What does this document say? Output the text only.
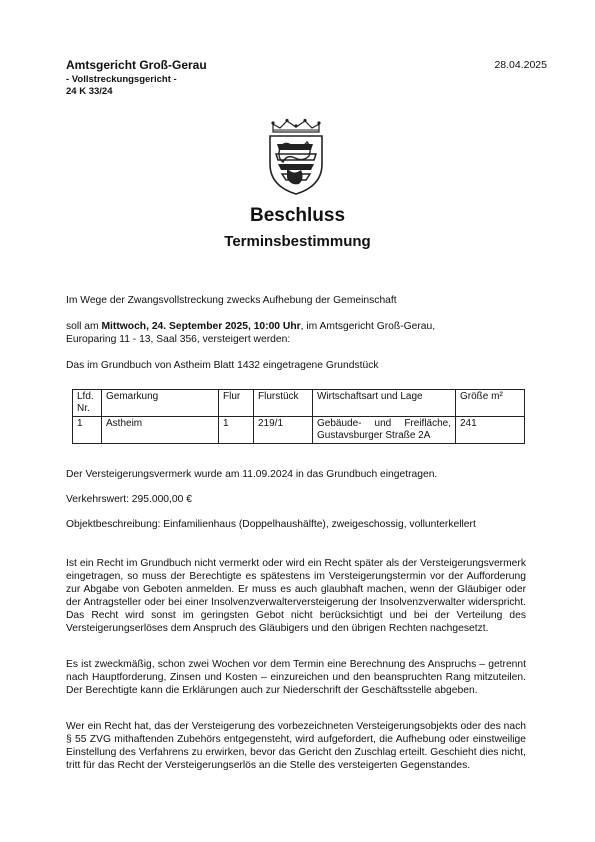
Amtsgericht Groß-Gerau
- Vollstreckungsgericht -
24 K 33/24
28.04.2025
Beschluss
Terminsbestimmung
Im Wege der Zwangsvollstreckung zwecks Aufhebung der Gemeinschaft
soll am Mittwoch, 24. September 2025, 10:00 Uhr, im Amtsgericht Groß-Gerau,
Europaring 11 - 13, Saal 356, versteigert werden:
Das im Grundbuch von Astheim Blatt 1432 eingetragene Grundstück
Lfd. Nr.	Gemarkung	Flur	Flurstück	Wirtschaftsart und Lage	Größe m²
1	Astheim	1	219/1	Gebäude- und Freifläche, Gustavsburger Straße 2A	241
Der Versteigerungsvermerk wurde am 11.09.2024 in das Grundbuch eingetragen.
Verkehrswert: 295.000,00 €
Objektbeschreibung: Einfamilienhaus (Doppelhaushälfte), zweigeschossig, vollunterkellert
Ist ein Recht im Grundbuch nicht vermerkt oder wird ein Recht später als der Versteigerungsvermerk eingetragen, so muss der Berechtigte es spätestens im Versteigerungstermin vor der Aufforderung zur Abgabe von Geboten anmelden. Er muss es auch glaubhaft machen, wenn der Gläubiger oder der Antragsteller oder bei einer Insolvenzverwalterversteigerung der Insolvenzverwalter widerspricht. Das Recht wird sonst im geringsten Gebot nicht berücksichtigt und bei der Verteilung des Versteigerungserlöses dem Anspruch des Gläubigers und den übrigen Rechten nachgesetzt.
Es ist zweckmäßig, schon zwei Wochen vor dem Termin eine Berechnung des Anspruchs – getrennt nach Hauptforderung, Zinsen und Kosten – einzureichen und den beanspruchten Rang mitzuteilen. Der Berechtigte kann die Erklärungen auch zur Niederschrift der Geschäftsstelle abgeben.
Wer ein Recht hat, das der Versteigerung des vorbezeichneten Versteigerungsobjekts oder des nach § 55 ZVG mithaftenden Zubehörs entgegensteht, wird aufgefordert, die Aufhebung oder einstweilige Einstellung des Verfahrens zu erwirken, bevor das Gericht den Zuschlag erteilt. Geschieht dies nicht, tritt für das Recht der Versteigerungserlös an die Stelle des versteigerten Gegenstandes.
